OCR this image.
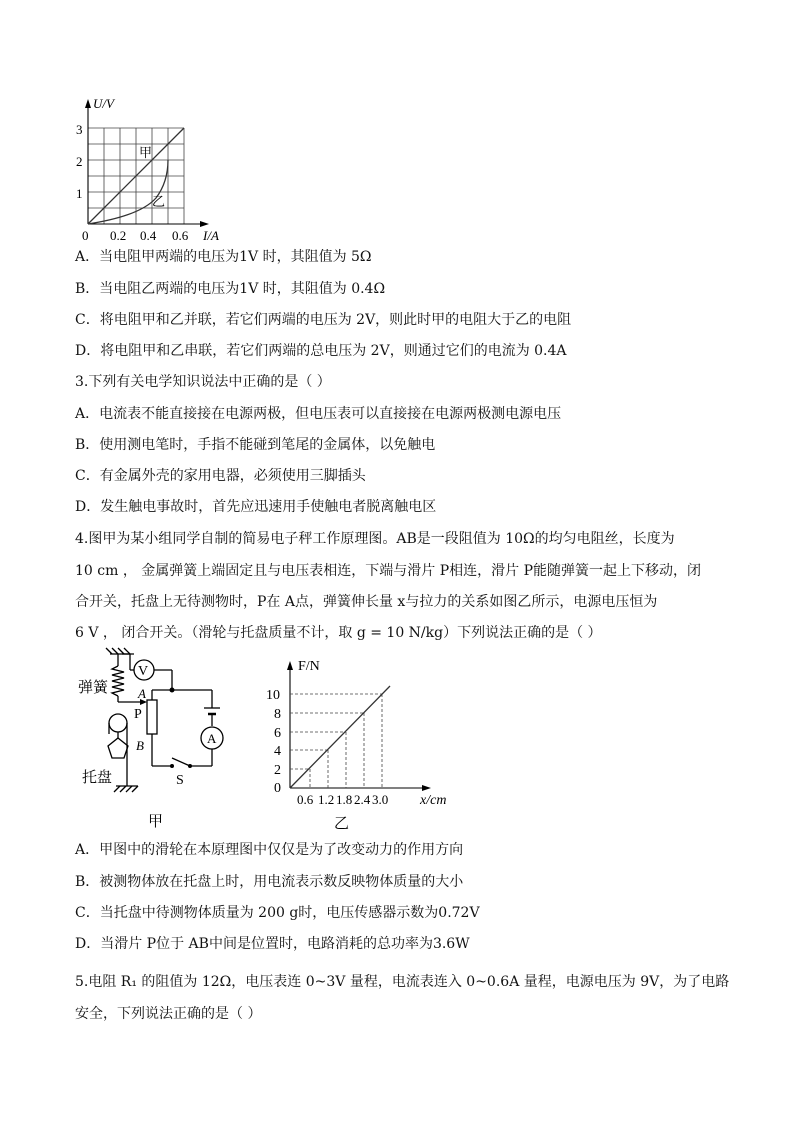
U/V
3
2
1
0 0.2 0.4 0.6 I/A
甲
乙
A．当电阻甲两端的电压为1V 时，其阻值为 5Ω
B．当电阻乙两端的电压为1V 时，其阻值为 0.4Ω
C．将电阻甲和乙并联，若它们两端的电压为 2V，则此时甲的电阻大于乙的电阻
D．将电阻甲和乙串联，若它们两端的总电压为 2V，则通过它们的电流为 0.4A
3.下列有关电学知识说法中正确的是（ ）
A．电流表不能直接接在电源两极，但电压表可以直接接在电源两极测电源电压
B．使用测电笔时，手指不能碰到笔尾的金属体，以免触电
C．有金属外壳的家用电器，必须使用三脚插头
D．发生触电事故时，首先应迅速用手使触电者脱离触电区
4.图甲为某小组同学自制的简易电子秤工作原理图。AB是一段阻值为 10Ω的均匀电阻丝，长度为
10 cm ， 金属弹簧上端固定且与电压表相连，下端与滑片 P相连，滑片 P能随弹簧一起上下移动，闭
合开关，托盘上无待测物时，P在 A点，弹簧伸长量 x与拉力的关系如图乙所示，电源电压恒为
6 V ， 闭合开关。（滑轮与托盘质量不计，取 g = 10 N/kg）下列说法正确的是（ ）
V
A
弹簧 A
P
B
S
托盘
甲
F/N
10
8
6
4
2
0
0.6 1.2 1.8 2.4 3.0 x/cm
乙
A．甲图中的滑轮在本原理图中仅仅是为了改变动力的作用方向
B．被测物体放在托盘上时，用电流表示数反映物体质量的大小
C．当托盘中待测物体质量为 200 g时，电压传感器示数为0.72V
D．当滑片 P位于 AB中间是位置时，电路消耗的总功率为3.6W
5.电阻 R₁ 的阻值为 12Ω，电压表连 0~3V 量程，电流表连入 0~0.6A 量程，电源电压为 9V，为了电路
安全，下列说法正确的是（ ）
